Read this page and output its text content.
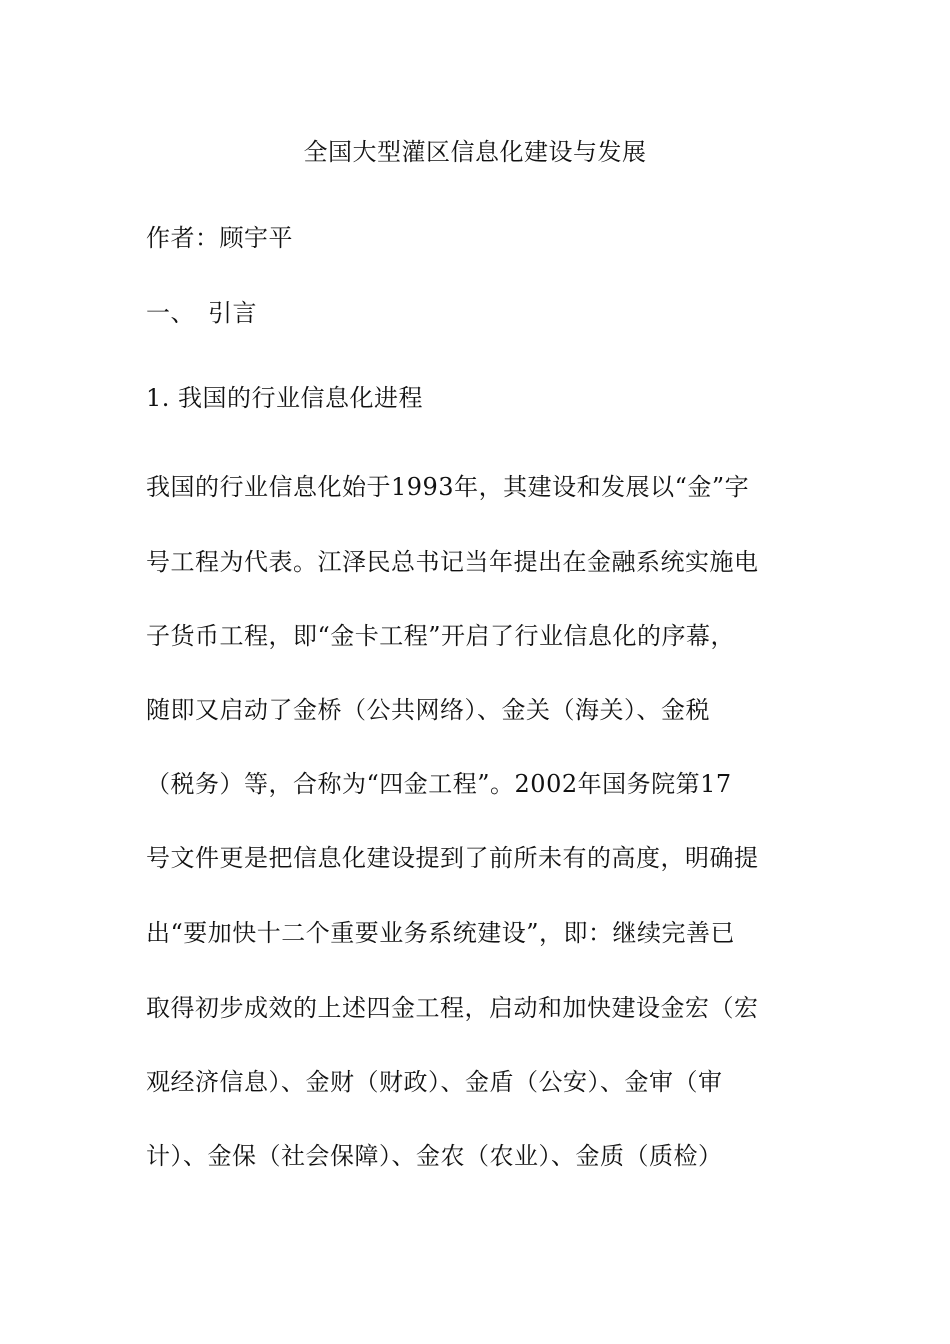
全国大型灌区信息化建设与发展
作者：顾宇平
一、 引言
1. 我国的行业信息化进程
我国的行业信息化始于1993年，其建设和发展以“金”字
号工程为代表。江泽民总书记当年提出在金融系统实施电
子货币工程，即“金卡工程”开启了行业信息化的序幕，
随即又启动了金桥（公共网络）、金关（海关）、金税
（税务）等，合称为“四金工程”。2002年国务院第17
号文件更是把信息化建设提到了前所未有的高度，明确提
出“要加快十二个重要业务系统建设”，即：继续完善已
取得初步成效的上述四金工程，启动和加快建设金宏（宏
观经济信息）、金财（财政）、金盾（公安）、金审（审
计）、金保（社会保障）、金农（农业）、金质（质检）
